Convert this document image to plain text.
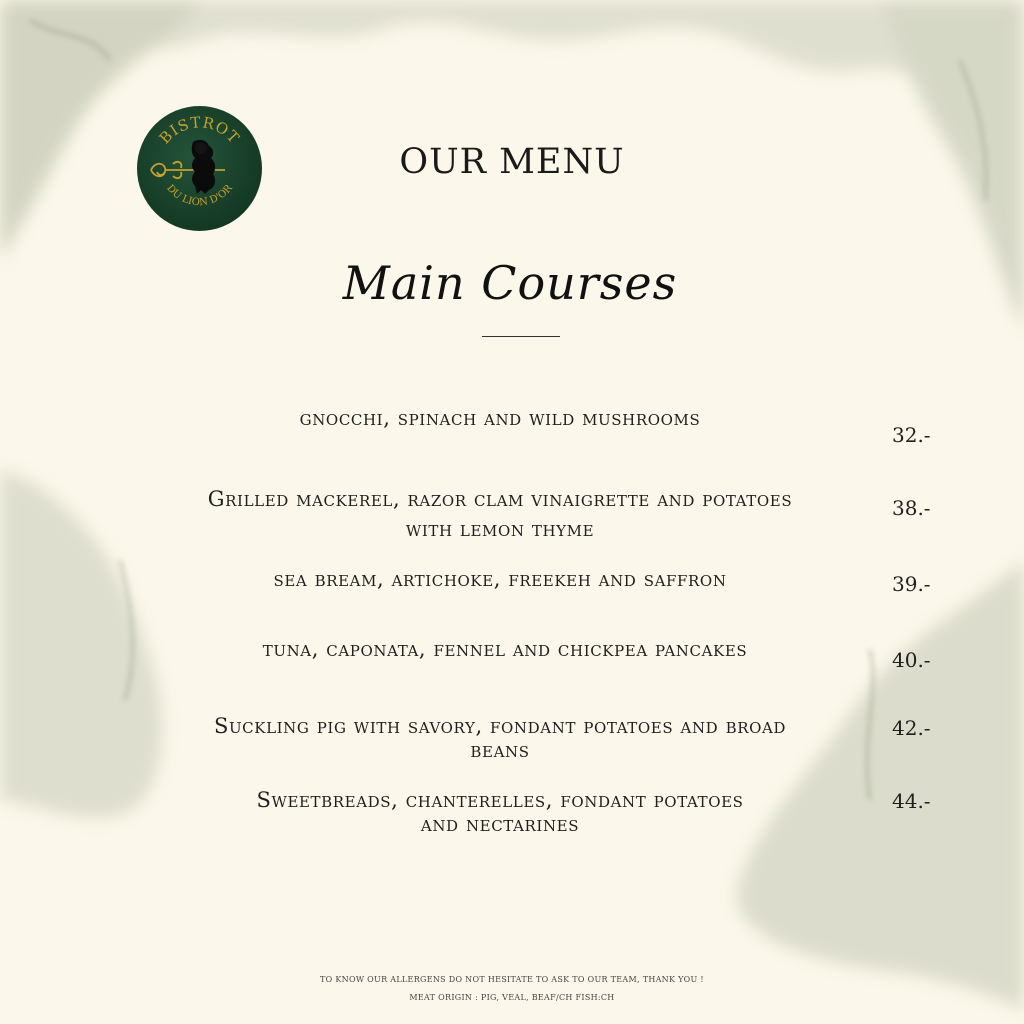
BISTROT
DU LION D'OR
OUR MENU
Main Courses
gnocchi, spinach and wild mushrooms
32.-
Grilled mackerel, razor clam vinaigrette and potatoes with lemon thyme
38.-
sea bream, artichoke, freekeh and saffron	39.-
tuna, caponata, fennel and chickpea pancakes	40.-
Suckling pig with savory, fondant potatoes and broad beans
42.-
Sweetbreads, chanterelles, fondant potatoes and nectarines
44.-
TO KNOW OUR ALLERGENS DO NOT HESITATE TO ASK TO OUR TEAM, THANK YOU !
MEAT ORIGIN : PIG, VEAL, BEAF/CH FISH:CH
